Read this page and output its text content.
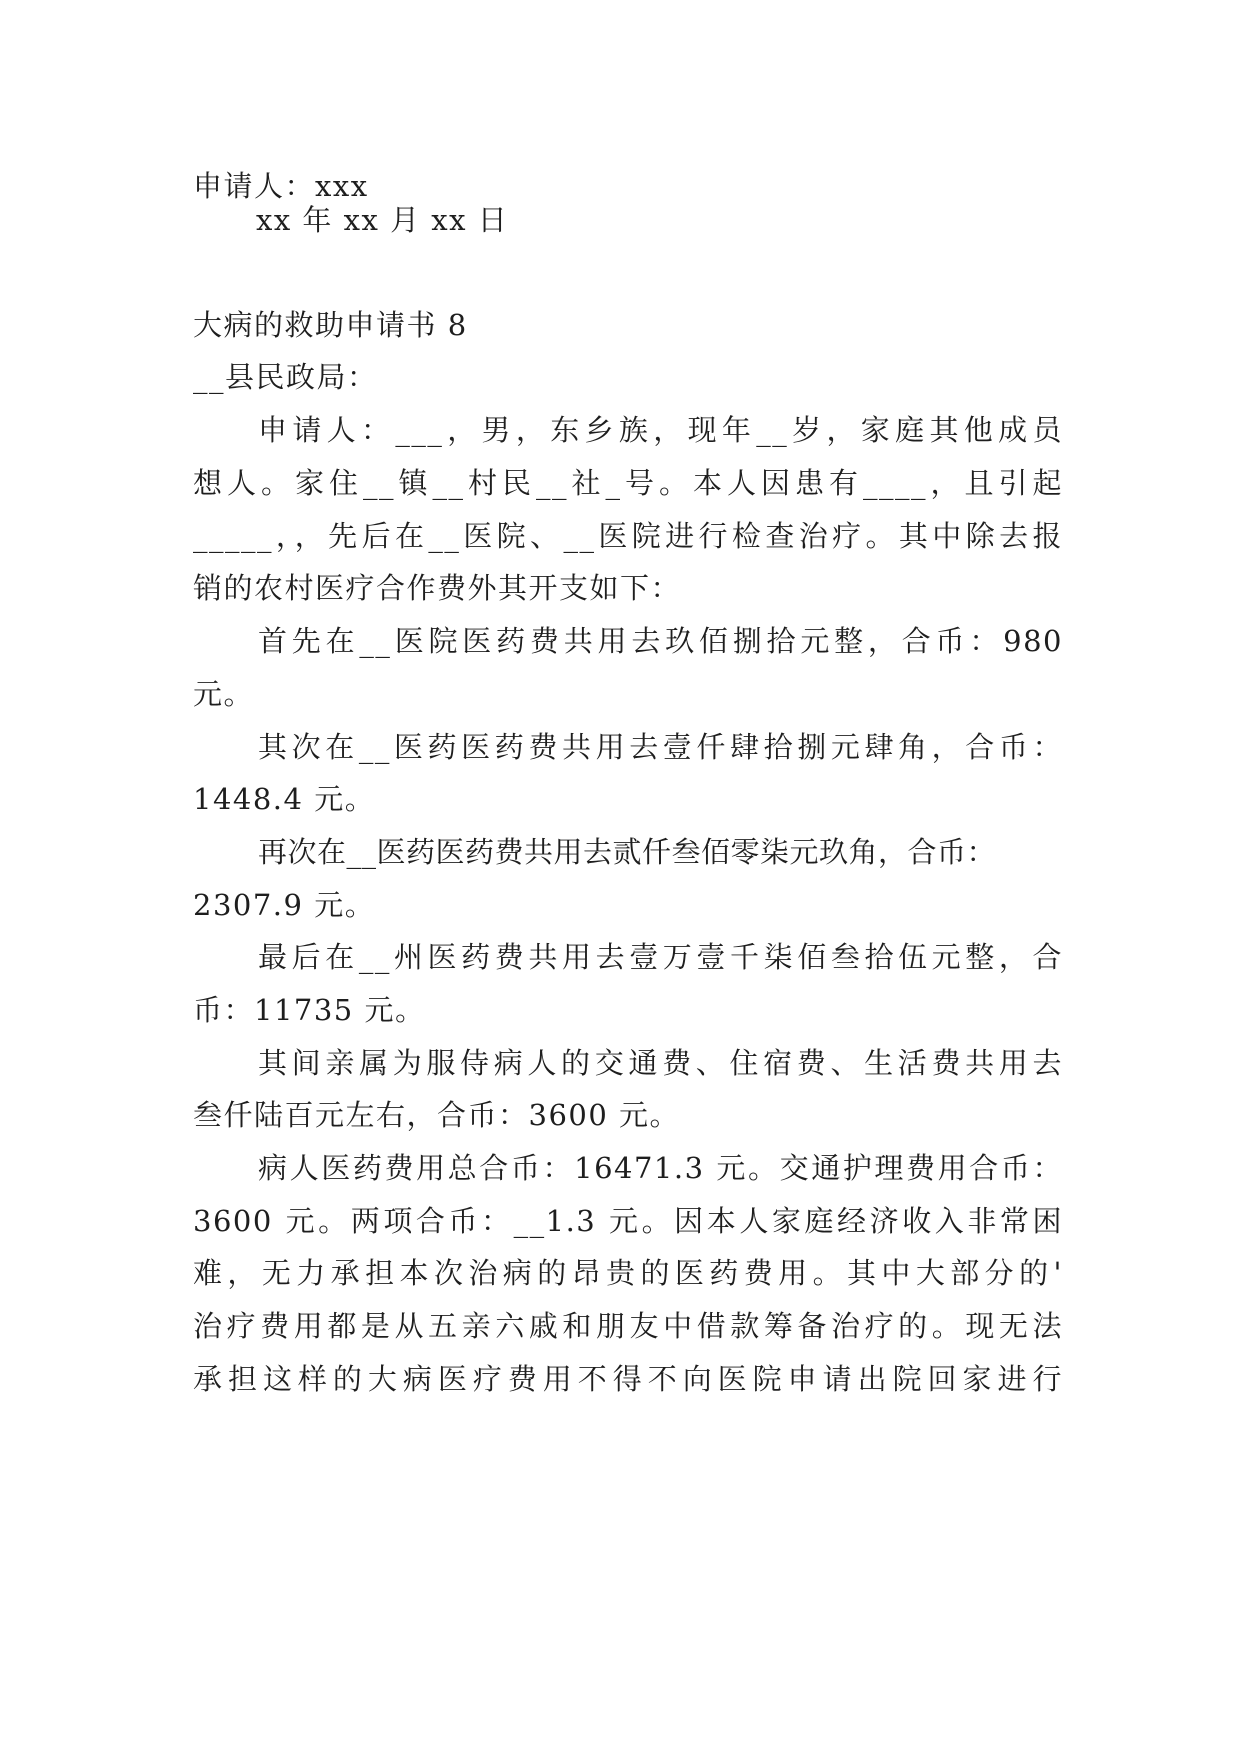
申请人：xxx
xx 年 xx 月 xx 日
大病的救助申请书 8
__县民政局：
申请人：___，男，东乡族，现年__岁，家庭其他成员
想人。家住__镇__村民__社_号。本人因患有____，且引起
_____，，先后在__医院、__医院进行检查治疗。其中除去报
销的农村医疗合作费外其开支如下：
首先在__医院医药费共用去玖佰捌拾元整，合币：980
元。
其次在__医药医药费共用去壹仟肆拾捌元肆角，合币：
1448.4 元。
再次在__医药医药费共用去贰仟叁佰零柒元玖角，合币：
2307.9 元。
最后在__州医药费共用去壹万壹千柒佰叁拾伍元整，合
币：11735 元。
其间亲属为服侍病人的交通费、住宿费、生活费共用去
叁仟陆百元左右，合币：3600 元。
病人医药费用总合币：16471.3 元。交通护理费用合币：
3600 元。两项合币：__1.3 元。因本人家庭经济收入非常困
难，无力承担本次治病的昂贵的医药费用。其中大部分的'
治疗费用都是从五亲六戚和朋友中借款筹备治疗的。现无法
承担这样的大病医疗费用不得不向医院申请出院回家进行
